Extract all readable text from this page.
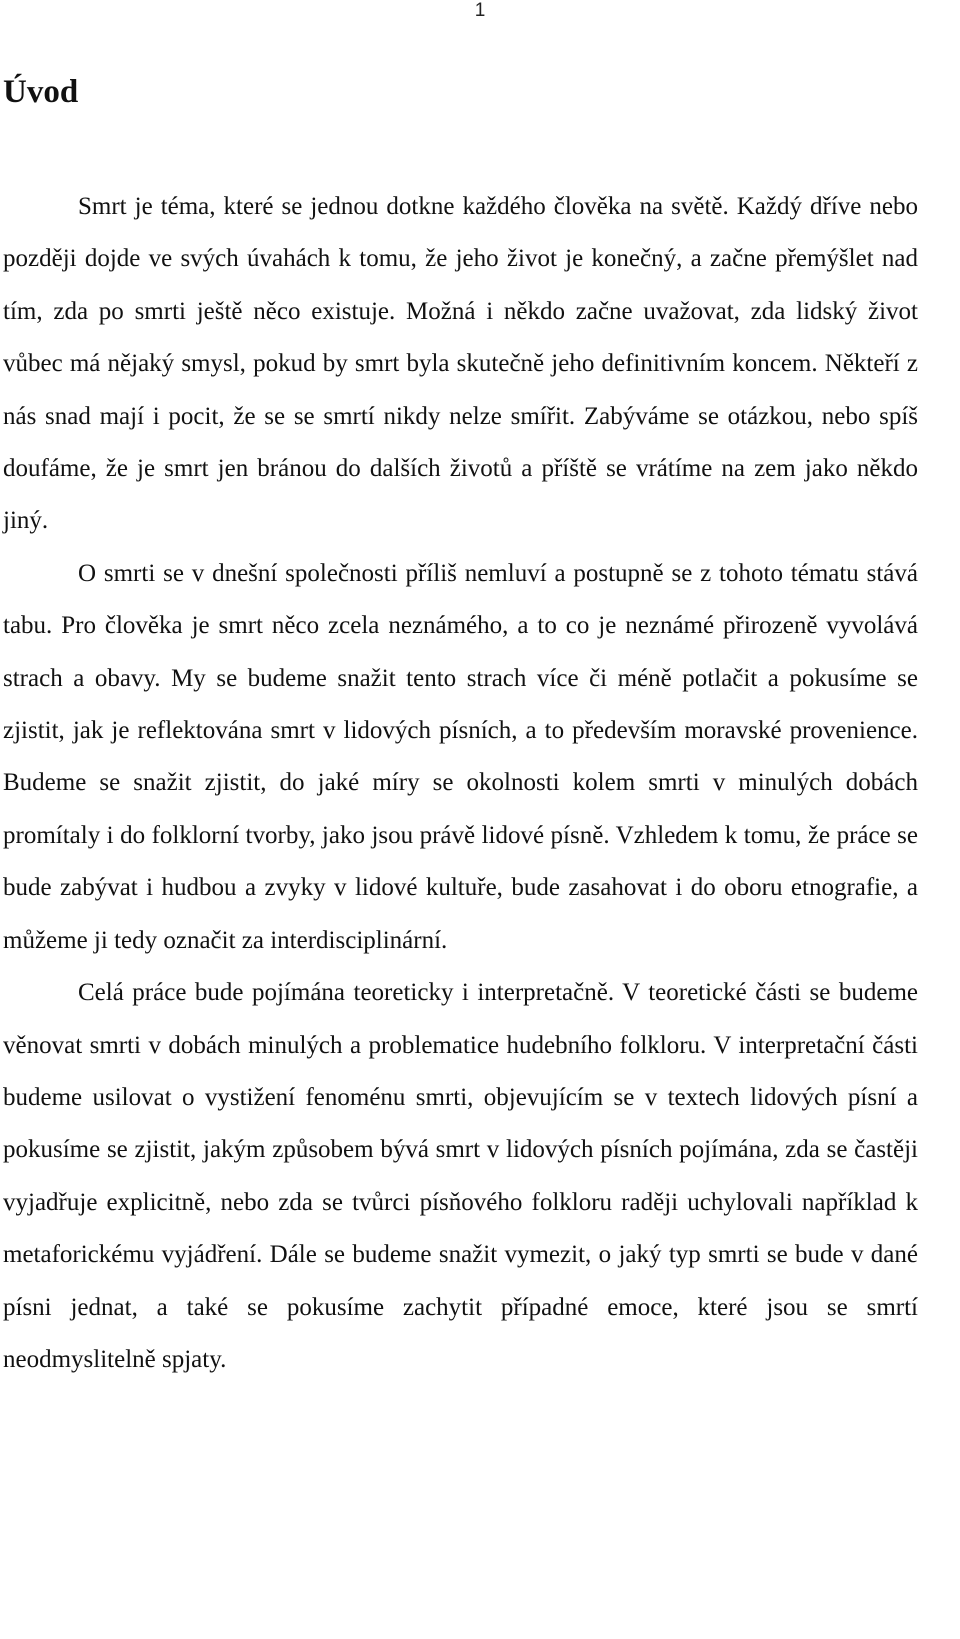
1
Úvod

Smrt je téma, které se jednou dotkne každého člověka na světě. Každý dříve nebo později dojde ve svých úvahách k tomu, že jeho život je konečný, a začne přemýšlet nad tím, zda po smrti ještě něco existuje. Možná i někdo začne uvažovat, zda lidský život vůbec má nějaký smysl, pokud by smrt byla skutečně jeho definitivním koncem. Někteří z nás snad mají i pocit, že se se smrtí nikdy nelze smířit. Zabýváme se otázkou, nebo spíš doufáme, že je smrt jen bránou do dalších životů a příště se vrátíme na zem jako někdo jiný.

O smrti se v dnešní společnosti příliš nemluví a postupně se z tohoto tématu stává tabu. Pro člověka je smrt něco zcela neznámého, a to co je neznámé přirozeně vyvolává strach a obavy. My se budeme snažit tento strach více či méně potlačit a pokusíme se zjistit, jak je reflektována smrt v lidových písních, a to především moravské provenience. Budeme se snažit zjistit, do jaké míry se okolnosti kolem smrti v minulých dobách promítaly i do folklorní tvorby, jako jsou právě lidové písně. Vzhledem k tomu, že práce se bude zabývat i hudbou a zvyky v lidové kultuře, bude zasahovat i do oboru etnografie, a můžeme ji tedy označit za interdisciplinární.

Celá práce bude pojímána teoreticky i interpretačně. V teoretické části se budeme věnovat smrti v dobách minulých a problematice hudebního folkloru. V interpretační části budeme usilovat o vystižení fenoménu smrti, objevujícím se v textech lidových písní a pokusíme se zjistit, jakým způsobem bývá smrt v lidových písních pojímána, zda se častěji vyjadřuje explicitně, nebo zda se tvůrci písňového folkloru raději uchylovali například k metaforickému vyjádření. Dále se budeme snažit vymezit, o jaký typ smrti se bude v dané písni jednat, a také se pokusíme zachytit případné emoce, které jsou se smrtí neodmyslitelně spjaty.
